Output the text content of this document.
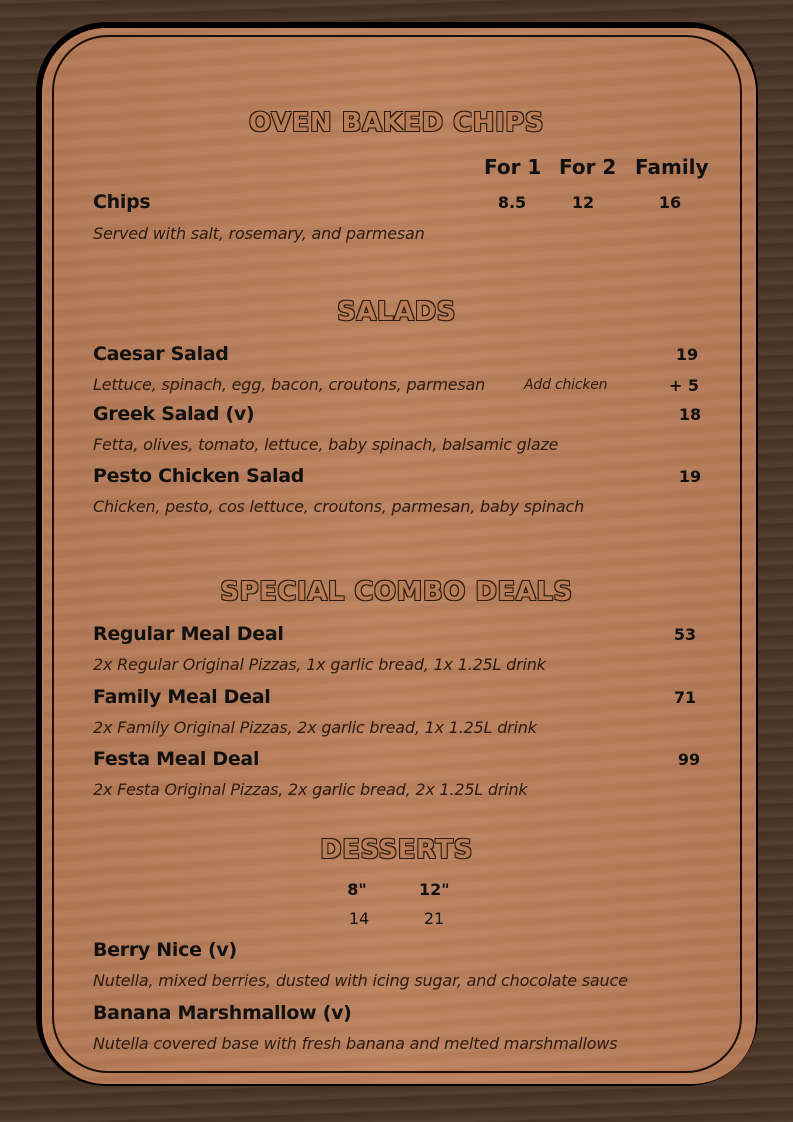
OVEN BAKED CHIPS
For 1 For 2 Family
Chips	8.5	12	16
Served with salt, rosemary, and parmesan
SALADS
Caesar Salad	19
Lettuce, spinach, egg, bacon, croutons, parmesan	Add chicken	+ 5
Greek Salad (v)	18
Fetta, olives, tomato, lettuce, baby spinach, balsamic glaze
Pesto Chicken Salad	19
Chicken, pesto, cos lettuce, croutons, parmesan, baby spinach
SPECIAL COMBO DEALS
Regular Meal Deal	53
2x Regular Original Pizzas, 1x garlic bread, 1x 1.25L drink
Family Meal Deal	71
2x Family Original Pizzas, 2x garlic bread, 1x 1.25L drink
Festa Meal Deal	99
2x Festa Original Pizzas, 2x garlic bread, 2x 1.25L drink
DESSERTS
8"	12"
14	21
Berry Nice (v)
Nutella, mixed berries, dusted with icing sugar, and chocolate sauce
Banana Marshmallow (v)
Nutella covered base with fresh banana and melted marshmallows
